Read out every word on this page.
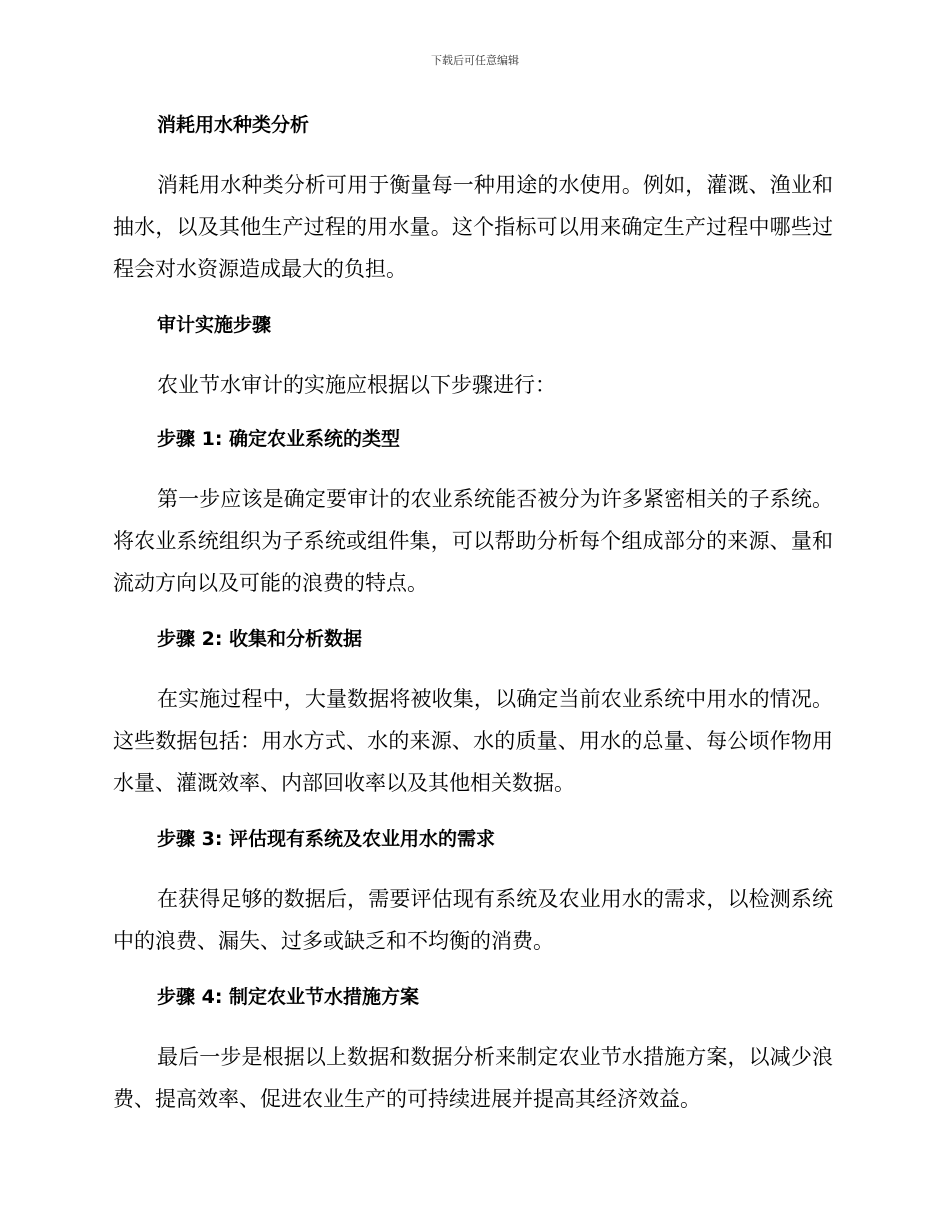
下载后可任意编辑
消耗用水种类分析
消耗用水种类分析可用于衡量每一种用途的水使用。例如，灌溉、渔业和抽水，以及其他生产过程的用水量。这个指标可以用来确定生产过程中哪些过程会对水资源造成最大的负担。
审计实施步骤
农业节水审计的实施应根据以下步骤进行：
步骤 1: 确定农业系统的类型
第一步应该是确定要审计的农业系统能否被分为许多紧密相关的子系统。将农业系统组织为子系统或组件集，可以帮助分析每个组成部分的来源、量和流动方向以及可能的浪费的特点。
步骤 2: 收集和分析数据
在实施过程中，大量数据将被收集，以确定当前农业系统中用水的情况。这些数据包括：用水方式、水的来源、水的质量、用水的总量、每公顷作物用水量、灌溉效率、内部回收率以及其他相关数据。
步骤 3: 评估现有系统及农业用水的需求
在获得足够的数据后，需要评估现有系统及农业用水的需求，以检测系统中的浪费、漏失、过多或缺乏和不均衡的消费。
步骤 4: 制定农业节水措施方案
最后一步是根据以上数据和数据分析来制定农业节水措施方案，以减少浪费、提高效率、促进农业生产的可持续进展并提高其经济效益。
